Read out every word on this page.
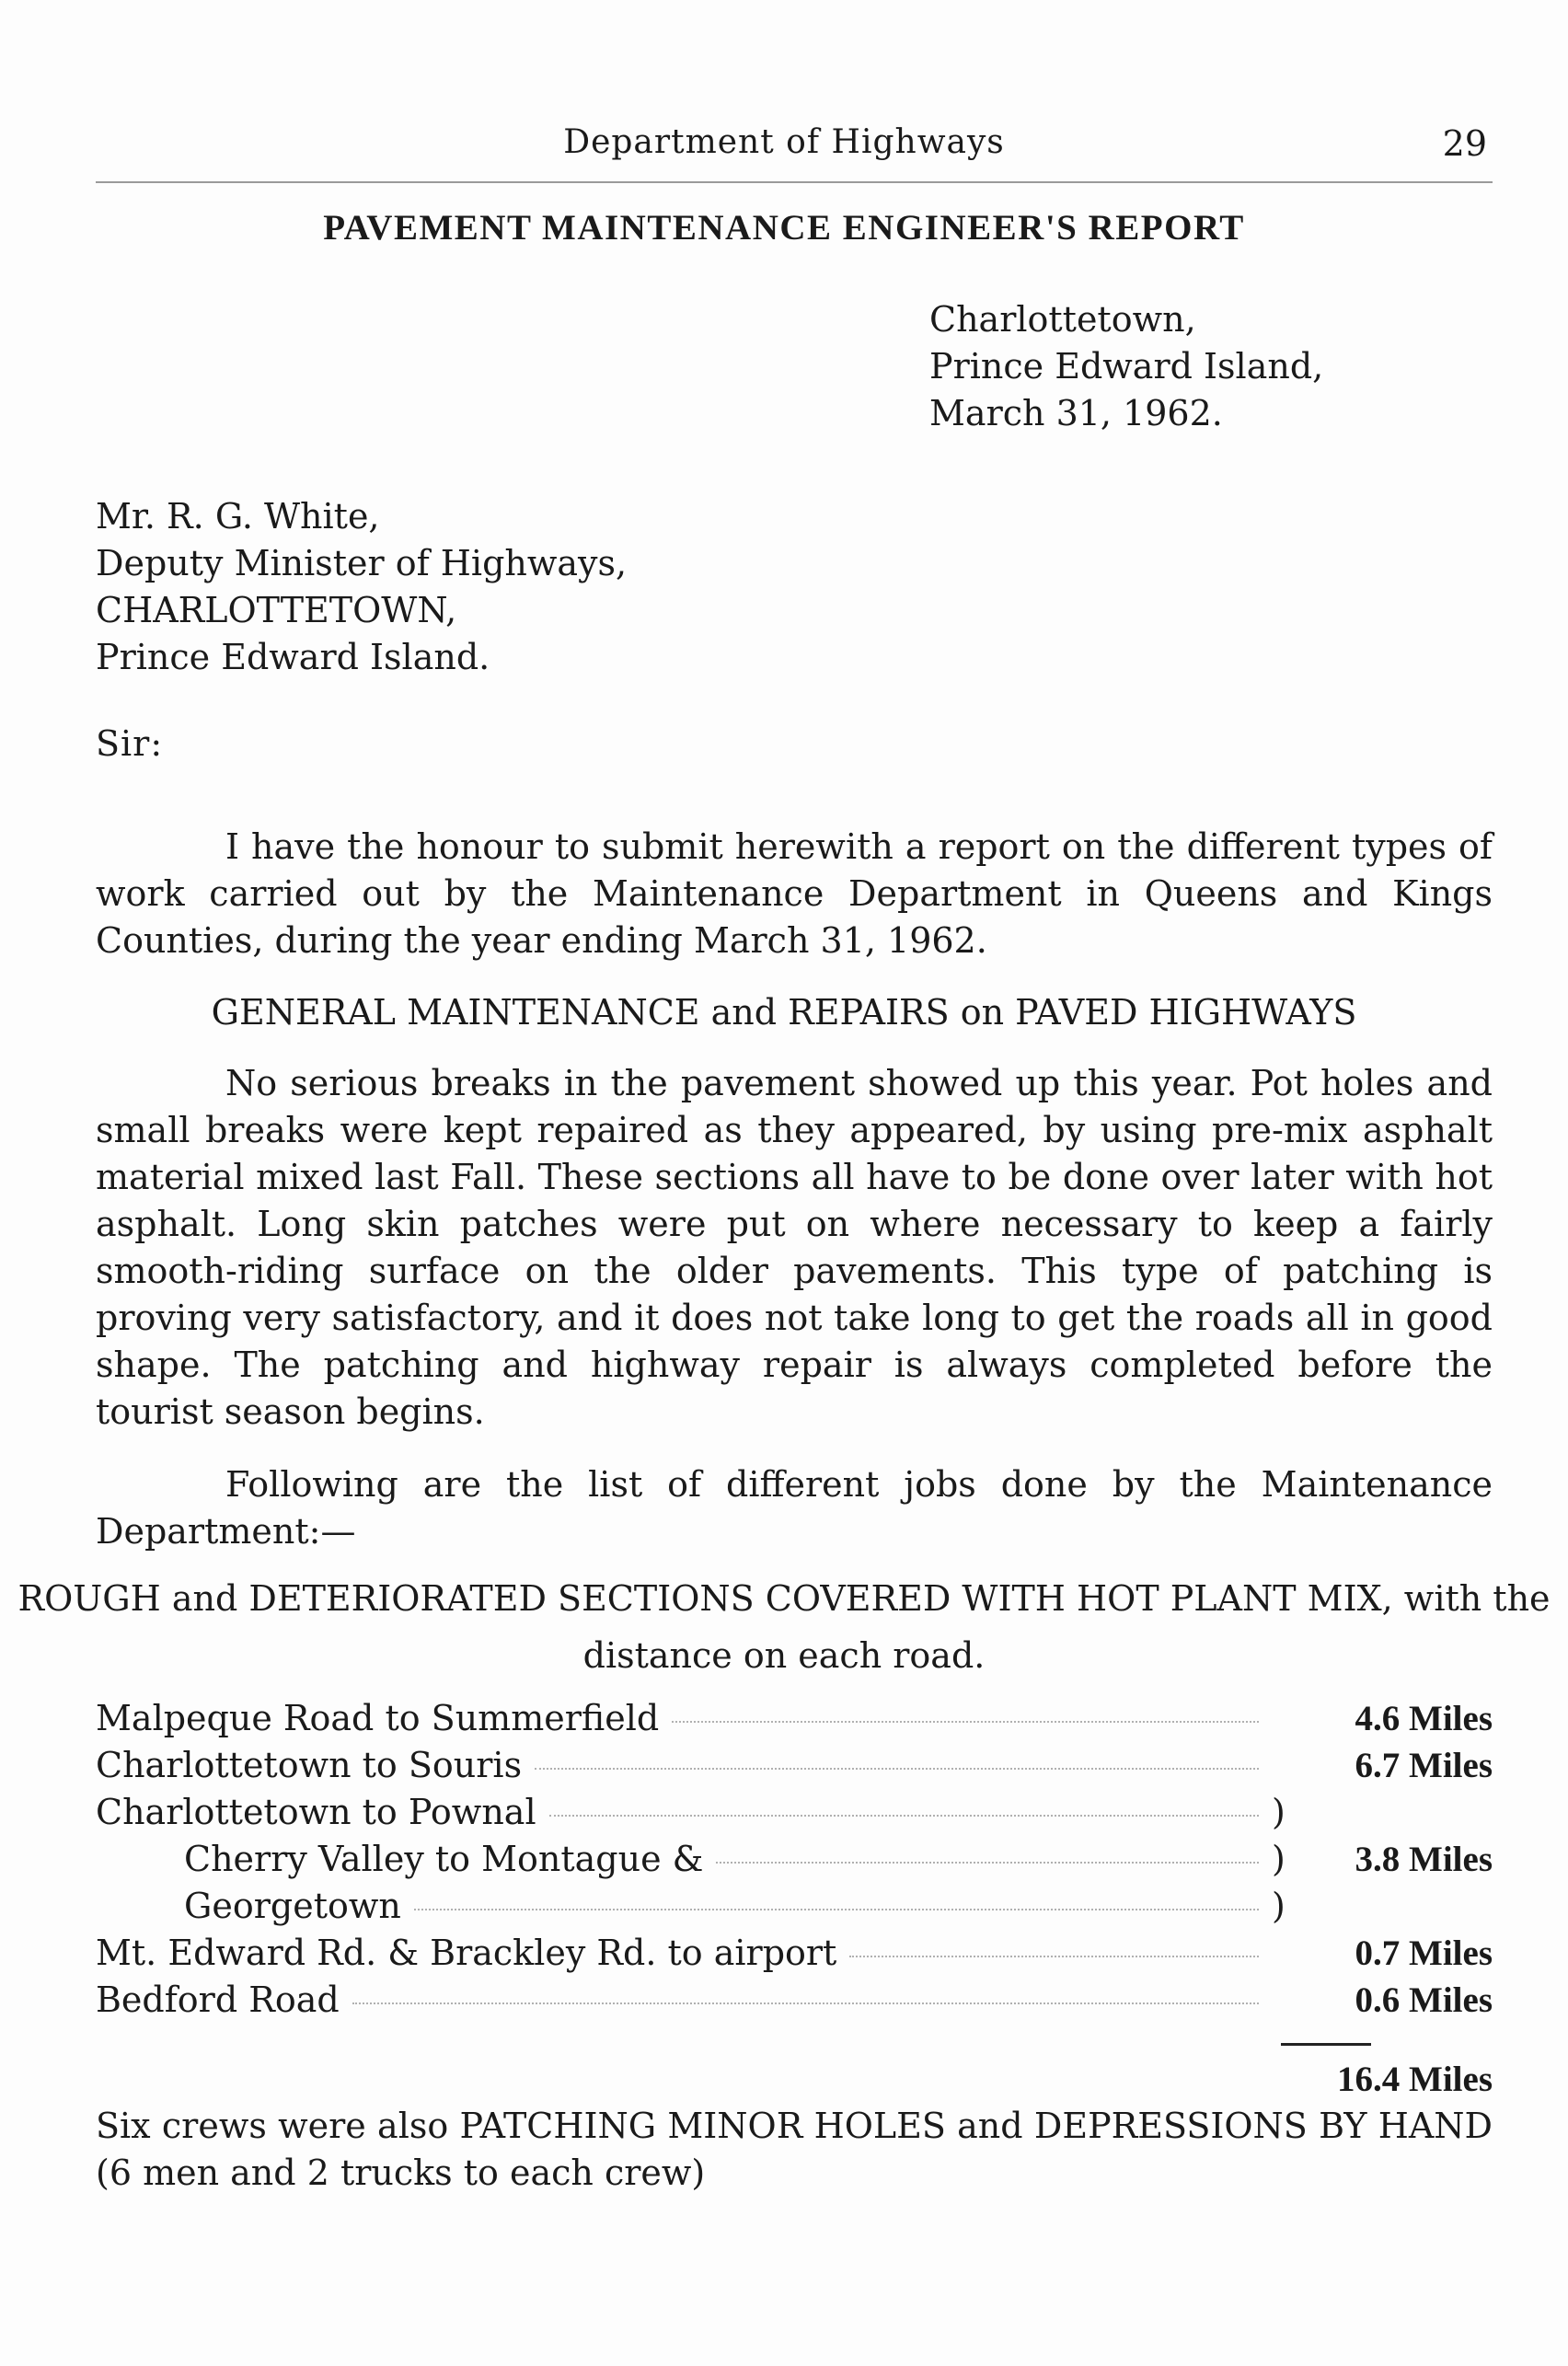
Department of Highways	29
PAVEMENT MAINTENANCE ENGINEER'S REPORT
Charlottetown,
Prince Edward Island,
March 31, 1962.
Mr. R. G. White,
Deputy Minister of Highways,
CHARLOTTETOWN,
Prince Edward Island.
Sir:

I have the honour to submit herewith a report on the different types of work carried out by the Maintenance Department in Queens and Kings Counties, during the year ending March 31, 1962.

GENERAL MAINTENANCE and REPAIRS on PAVED HIGHWAYS

No serious breaks in the pavement showed up this year. Pot holes and small breaks were kept repaired as they appeared, by using pre-mix asphalt material mixed last Fall. These sections all have to be done over later with hot asphalt. Long skin patches were put on where necessary to keep a fairly smooth-riding surface on the older pavements. This type of patching is proving very satisfactory, and it does not take long to get the roads all in good shape. The patching and highway repair is always completed before the tourist season begins.

Following are the list of different jobs done by the Maintenance Department:—

ROUGH and DETERIORATED SECTIONS COVERED WITH HOT PLANT MIX, with the distance on each road.
Malpeque Road to Summerfield	4.6 Miles
Charlottetown to Souris	6.7 Miles
Charlottetown to Pownal	)
Cherry Valley to Montague &	)	3.8 Miles
Georgetown	)
Mt. Edward Rd. & Brackley Rd. to airport	0.7 Miles
Bedford Road	0.6 Miles
16.4 Miles

Six crews were also PATCHING MINOR HOLES and DEPRESSIONS BY HAND (6 men and 2 trucks to each crew)
